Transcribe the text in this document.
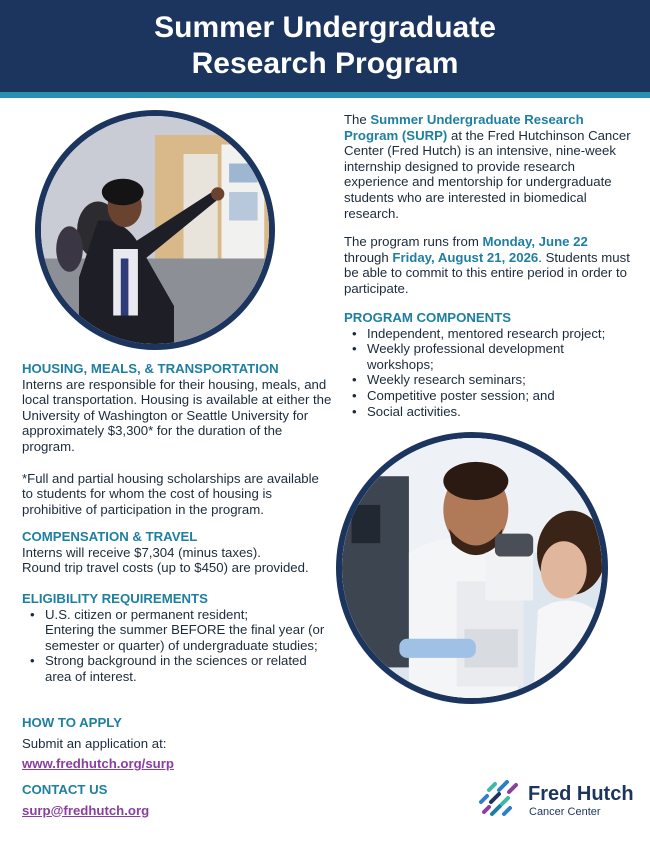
Summer Undergraduate
Research Program
The Summer Undergraduate Research Program (SURP) at the Fred Hutchinson Cancer Center (Fred Hutch) is an intensive, nine-week internship designed to provide research experience and mentorship for undergraduate students who are interested in biomedical research.
The program runs from Monday, June 22 through Friday, August 21, 2026. Students must be able to commit to this entire period in order to participate.
PROGRAM COMPONENTS
• Independent, mentored research project;
• Weekly professional development workshops;
• Weekly research seminars;
• Competitive poster session; and
• Social activities.
HOUSING, MEALS, & TRANSPORTATION
Interns are responsible for their housing, meals, and local transportation. Housing is available at either the University of Washington or Seattle University for approximately $3,300* for the duration of the program.
*Full and partial housing scholarships are available to students for whom the cost of housing is prohibitive of participation in the program.
COMPENSATION & TRAVEL
Interns will receive $7,304 (minus taxes).
Round trip travel costs (up to $450) are provided.
ELIGIBILITY REQUIREMENTS
• U.S. citizen or permanent resident;
Entering the summer BEFORE the final year (or semester or quarter) of undergraduate studies;
• Strong background in the sciences or related area of interest.
HOW TO APPLY
Submit an application at:
www.fredhutch.org/surp
CONTACT US
surp@fredhutch.org
Fred Hutch
Cancer Center
